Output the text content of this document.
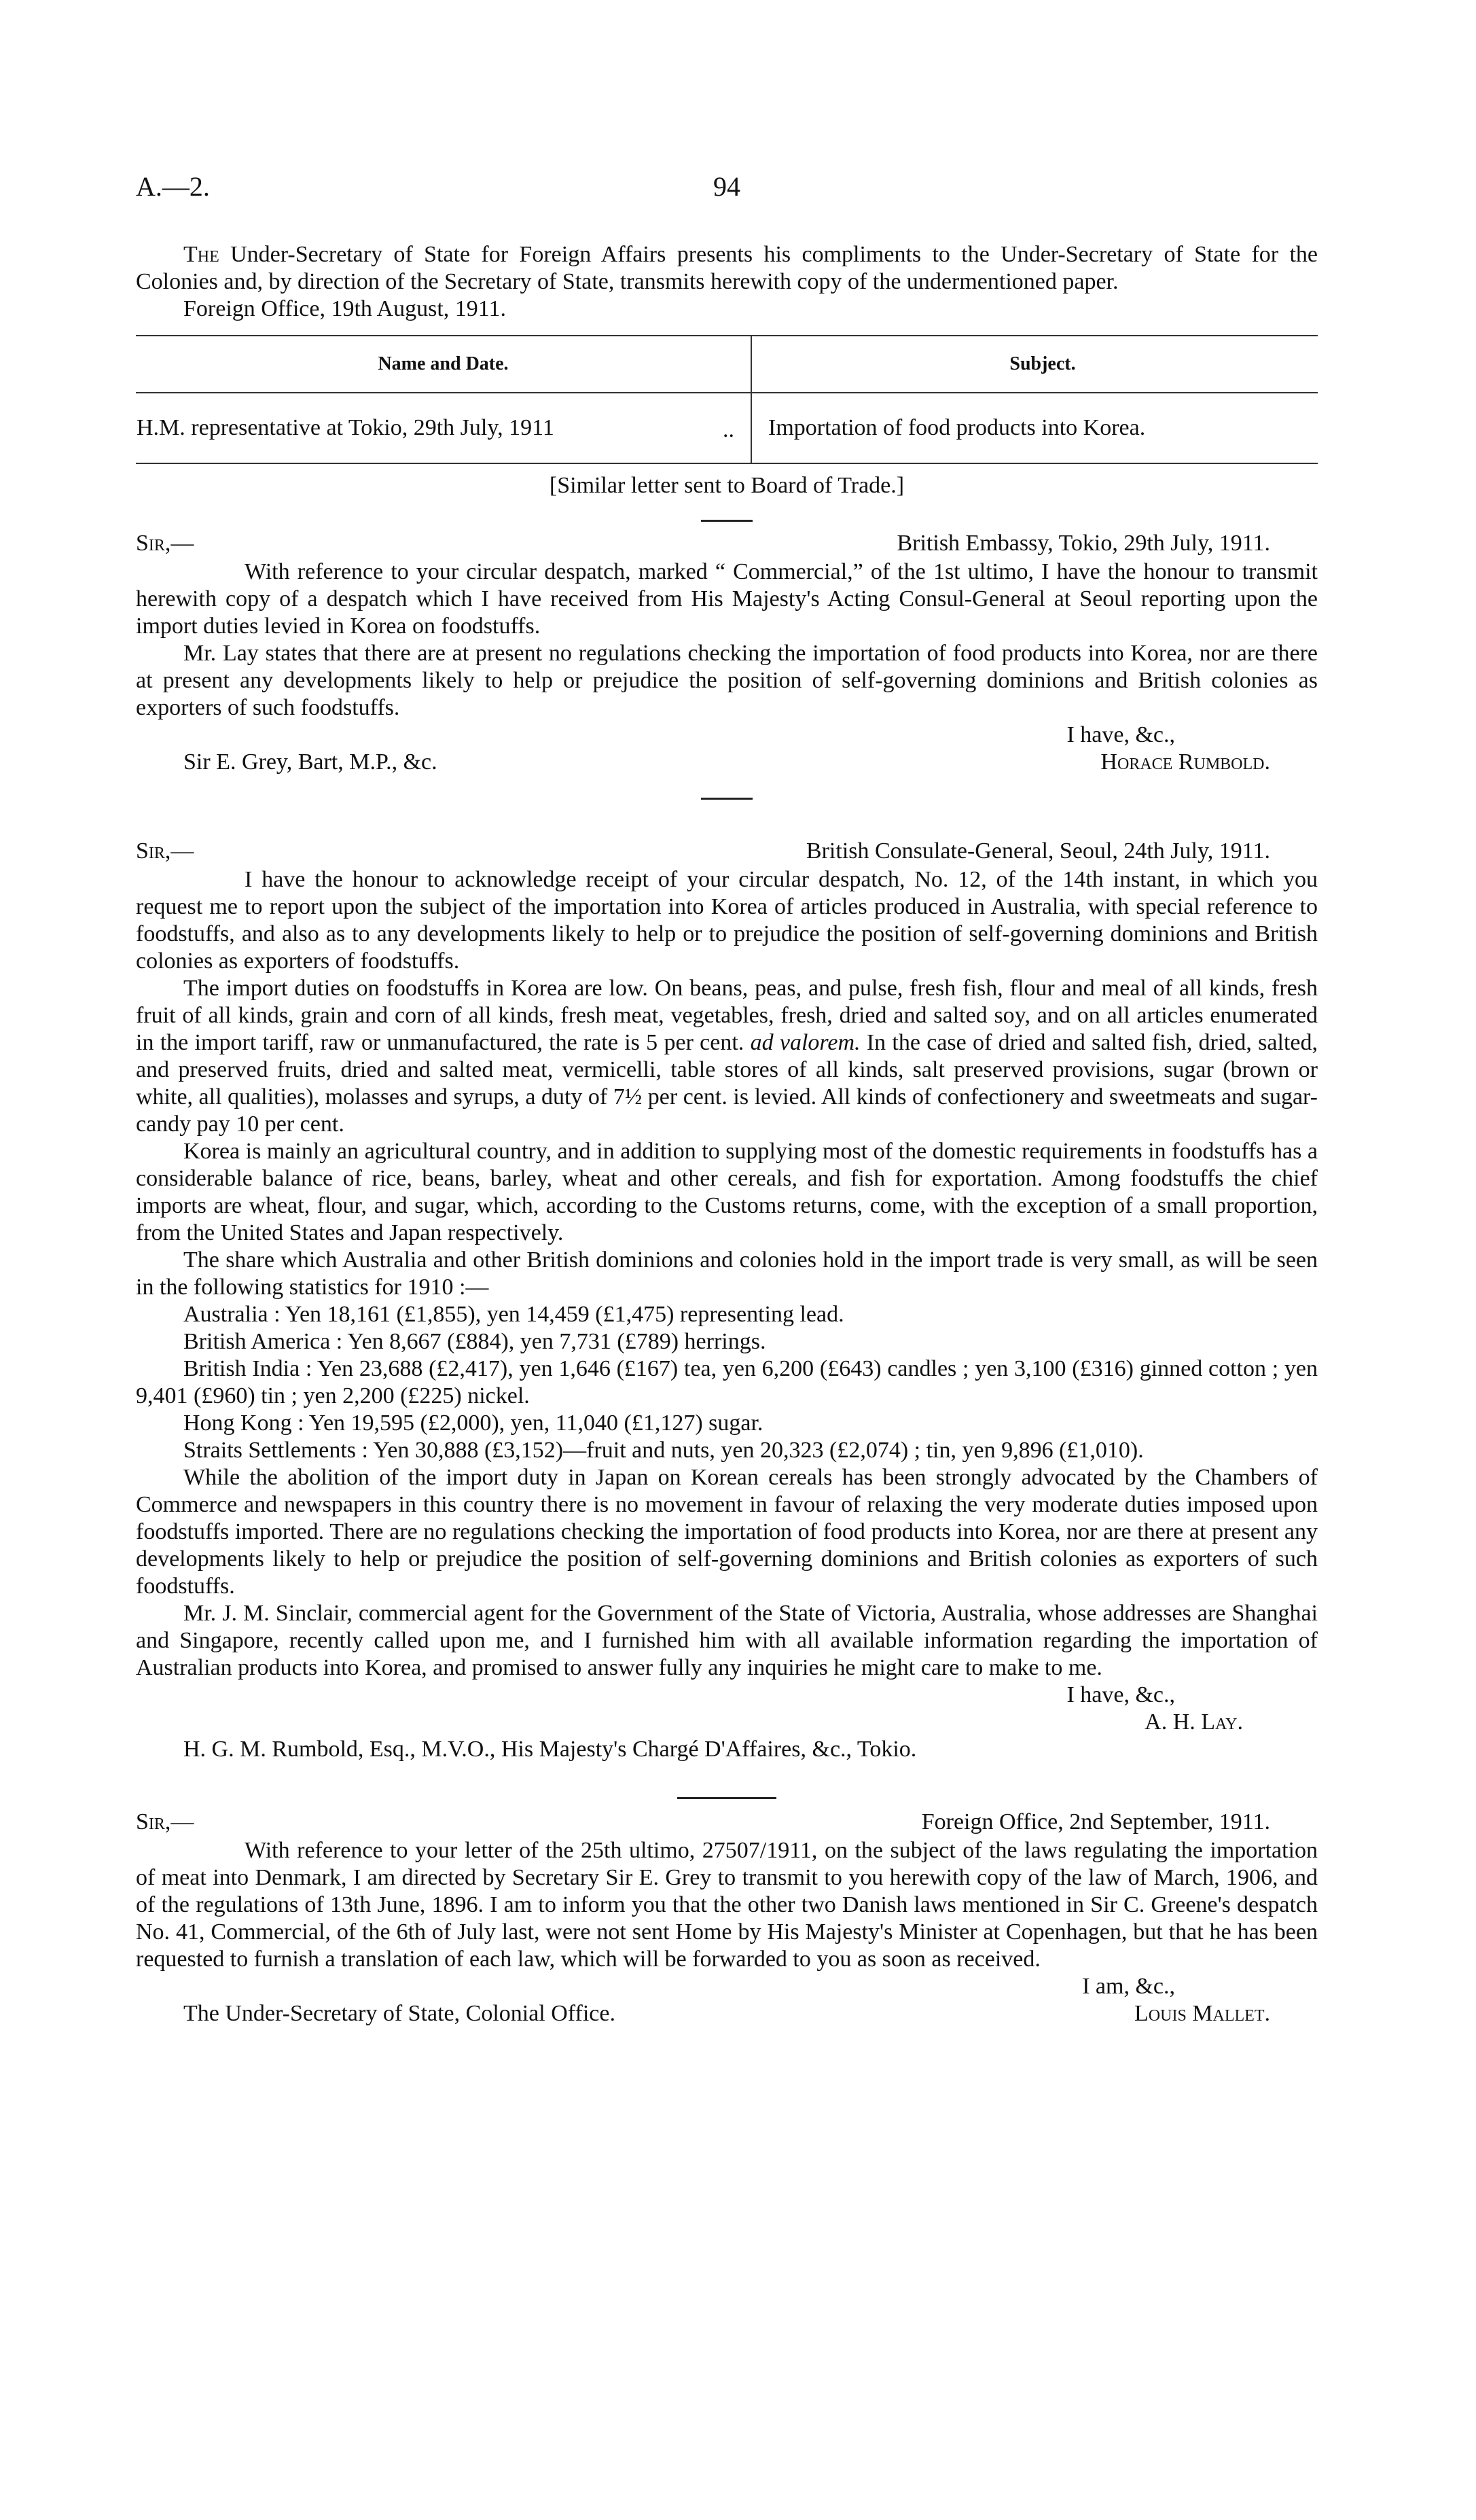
A.—2.	94

The Under-Secretary of State for Foreign Affairs presents his compliments to the Under-Secretary of State for the Colonies and, by direction of the Secretary of State, transmits herewith copy of the undermentioned paper.

Foreign Office, 19th August, 1911.

Name and Date.	Subject.
H.M. representative at Tokio, 29th July, 1911 ..	Importation of food products into Korea.

[Similar letter sent to Board of Trade.]

Sir,—	British Embassy, Tokio, 29th July, 1911.

With reference to your circular despatch, marked “ Commercial,” of the 1st ultimo, I have the honour to transmit herewith copy of a despatch which I have received from His Majesty's Acting Consul-General at Seoul reporting upon the import duties levied in Korea on foodstuffs.

Mr. Lay states that there are at present no regulations checking the importation of food products into Korea, nor are there at present any developments likely to help or prejudice the position of self-governing dominions and British colonies as exporters of such foodstuffs.

I have, &c.,

Sir E. Grey, Bart, M.P., &c.	Horace Rumbold.
Sir,—	British Consulate-General, Seoul, 24th July, 1911.

I have the honour to acknowledge receipt of your circular despatch, No. 12, of the 14th instant, in which you request me to report upon the subject of the importation into Korea of articles produced in Australia, with special reference to foodstuffs, and also as to any developments likely to help or to prejudice the position of self-governing dominions and British colonies as exporters of foodstuffs.

The import duties on foodstuffs in Korea are low. On beans, peas, and pulse, fresh fish, flour and meal of all kinds, fresh fruit of all kinds, grain and corn of all kinds, fresh meat, vegetables, fresh, dried and salted soy, and on all articles enumerated in the import tariff, raw or unmanufactured, the rate is 5 per cent. ad valorem. In the case of dried and salted fish, dried, salted, and preserved fruits, dried and salted meat, vermicelli, table stores of all kinds, salt preserved provisions, sugar (brown or white, all qualities), molasses and syrups, a duty of 7½ per cent. is levied. All kinds of confectionery and sweetmeats and sugar-candy pay 10 per cent.

Korea is mainly an agricultural country, and in addition to supplying most of the domestic requirements in foodstuffs has a considerable balance of rice, beans, barley, wheat and other cereals, and fish for exportation. Among foodstuffs the chief imports are wheat, flour, and sugar, which, according to the Customs returns, come, with the exception of a small proportion, from the United States and Japan respectively.

The share which Australia and other British dominions and colonies hold in the import trade is very small, as will be seen in the following statistics for 1910 :—

Australia : Yen 18,161 (£1,855), yen 14,459 (£1,475) representing lead.

British America : Yen 8,667 (£884), yen 7,731 (£789) herrings.

British India : Yen 23,688 (£2,417), yen 1,646 (£167) tea, yen 6,200 (£643) candles ; yen 3,100 (£316) ginned cotton ; yen 9,401 (£960) tin ; yen 2,200 (£225) nickel.

Hong Kong : Yen 19,595 (£2,000), yen, 11,040 (£1,127) sugar.

Straits Settlements : Yen 30,888 (£3,152)—fruit and nuts, yen 20,323 (£2,074) ; tin, yen 9,896 (£1,010).

While the abolition of the import duty in Japan on Korean cereals has been strongly advocated by the Chambers of Commerce and newspapers in this country there is no movement in favour of relaxing the very moderate duties imposed upon foodstuffs imported. There are no regulations checking the importation of food products into Korea, nor are there at present any developments likely to help or prejudice the position of self-governing dominions and British colonies as exporters of such foodstuffs.

Mr. J. M. Sinclair, commercial agent for the Government of the State of Victoria, Australia, whose addresses are Shanghai and Singapore, recently called upon me, and I furnished him with all available information regarding the importation of Australian products into Korea, and promised to answer fully any inquiries he might care to make to me.

I have, &c.,

A. H. Lay.

H. G. M. Rumbold, Esq., M.V.O., His Majesty's Chargé D'Affaires, &c., Tokio.

Sir,—	Foreign Office, 2nd September, 1911.

With reference to your letter of the 25th ultimo, 27507/1911, on the subject of the laws regulating the importation of meat into Denmark, I am directed by Secretary Sir E. Grey to transmit to you herewith copy of the law of March, 1906, and of the regulations of 13th June, 1896. I am to inform you that the other two Danish laws mentioned in Sir C. Greene's despatch No. 41, Commercial, of the 6th of July last, were not sent Home by His Majesty's Minister at Copenhagen, but that he has been requested to furnish a translation of each law, which will be forwarded to you as soon as received.

I am, &c.,

The Under-Secretary of State, Colonial Office.	Louis Mallet.
